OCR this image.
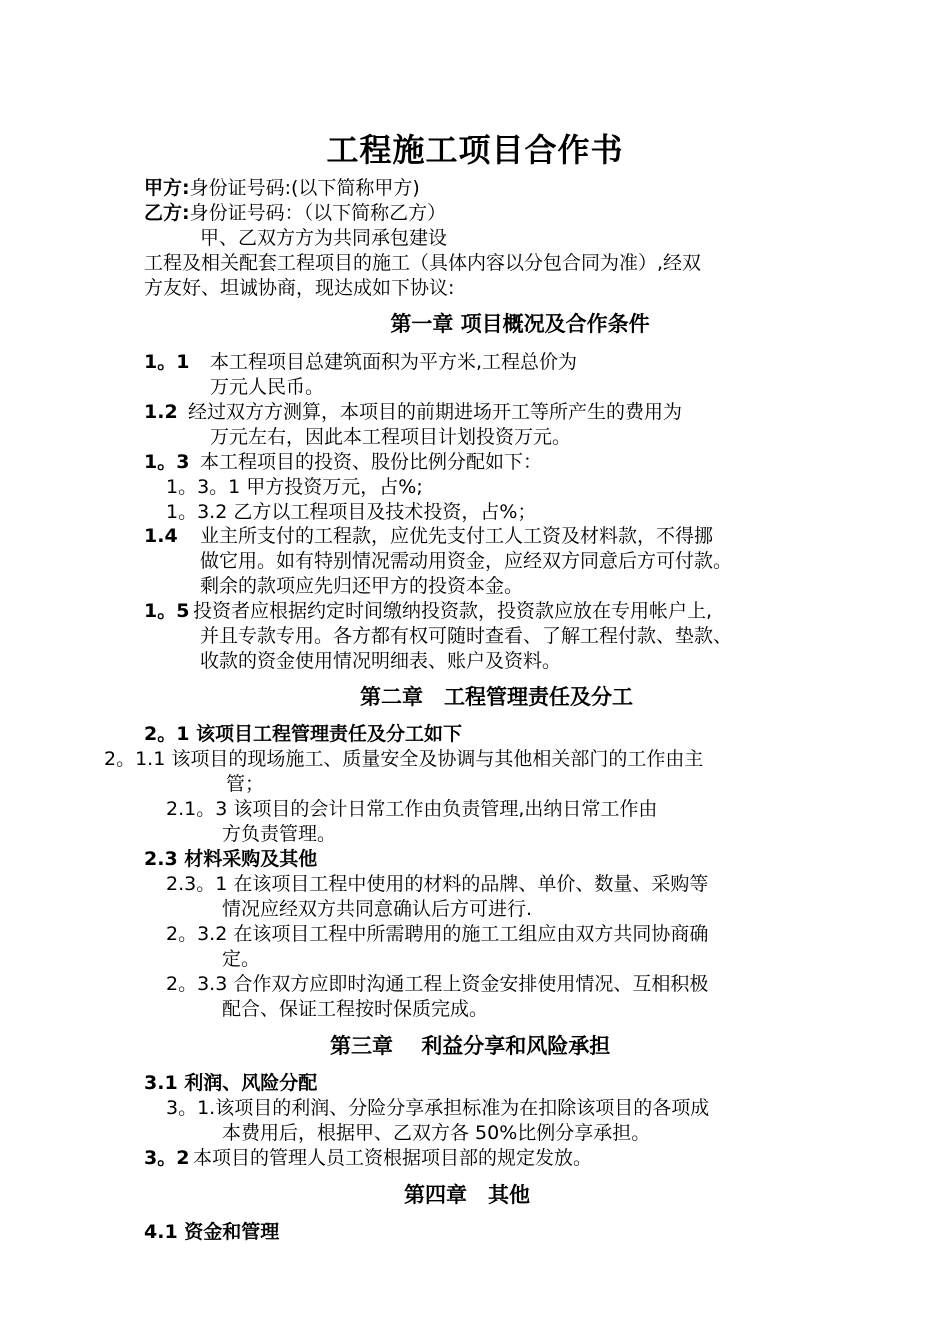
工程施工项目合作书
甲方:身份证号码:(以下简称甲方)
乙方:身份证号码：（以下简称乙方）
甲、乙双方方为共同承包建设
工程及相关配套工程项目的施工（具体内容以分包合同为准）,经双
方友好、坦诚协商，现达成如下协议:
第一章 项目概况及合作条件
1。1 本工程项目总建筑面积为平方米,工程总价为
万元人民币。
1.2 经过双方方测算，本项目的前期进场开工等所产生的费用为
万元左右，因此本工程项目计划投资万元。
1。3 本工程项目的投资、股份比例分配如下：
1。3。1 甲方投资万元，占%;
1。3.2 乙方以工程项目及技术投资，占%；
1.4 业主所支付的工程款，应优先支付工人工资及材料款，不得挪
做它用。如有特别情况需动用资金，应经双方同意后方可付款。
剩余的款项应先归还甲方的投资本金。
1。5 投资者应根据约定时间缴纳投资款，投资款应放在专用帐户上,
并且专款专用。各方都有权可随时查看、了解工程付款、垫款、
收款的资金使用情况明细表、账户及资料。
第二章　工程管理责任及分工
2。1 该项目工程管理责任及分工如下
2。1.1 该项目的现场施工、质量安全及协调与其他相关部门的工作由主
管；
2.1。3 该项目的会计日常工作由负责管理,出纳日常工作由
方负责管理。
2.3 材料采购及其他
2.3。1 在该项目工程中使用的材料的品牌、单价、数量、采购等
情况应经双方共同意确认后方可进行.
2。3.2 在该项目工程中所需聘用的施工工组应由双方共同协商确
定。
2。3.3 合作双方应即时沟通工程上资金安排使用情况、互相积极
配合、保证工程按时保质完成。
第三章　 利益分享和风险承担
3.1 利润、风险分配
3。1.该项目的利润、分险分享承担标准为在扣除该项目的各项成
本费用后，根据甲、乙双方各 50%比例分享承担。
3。2 本项目的管理人员工资根据项目部的规定发放。
第四章　其他
4.1 资金和管理
